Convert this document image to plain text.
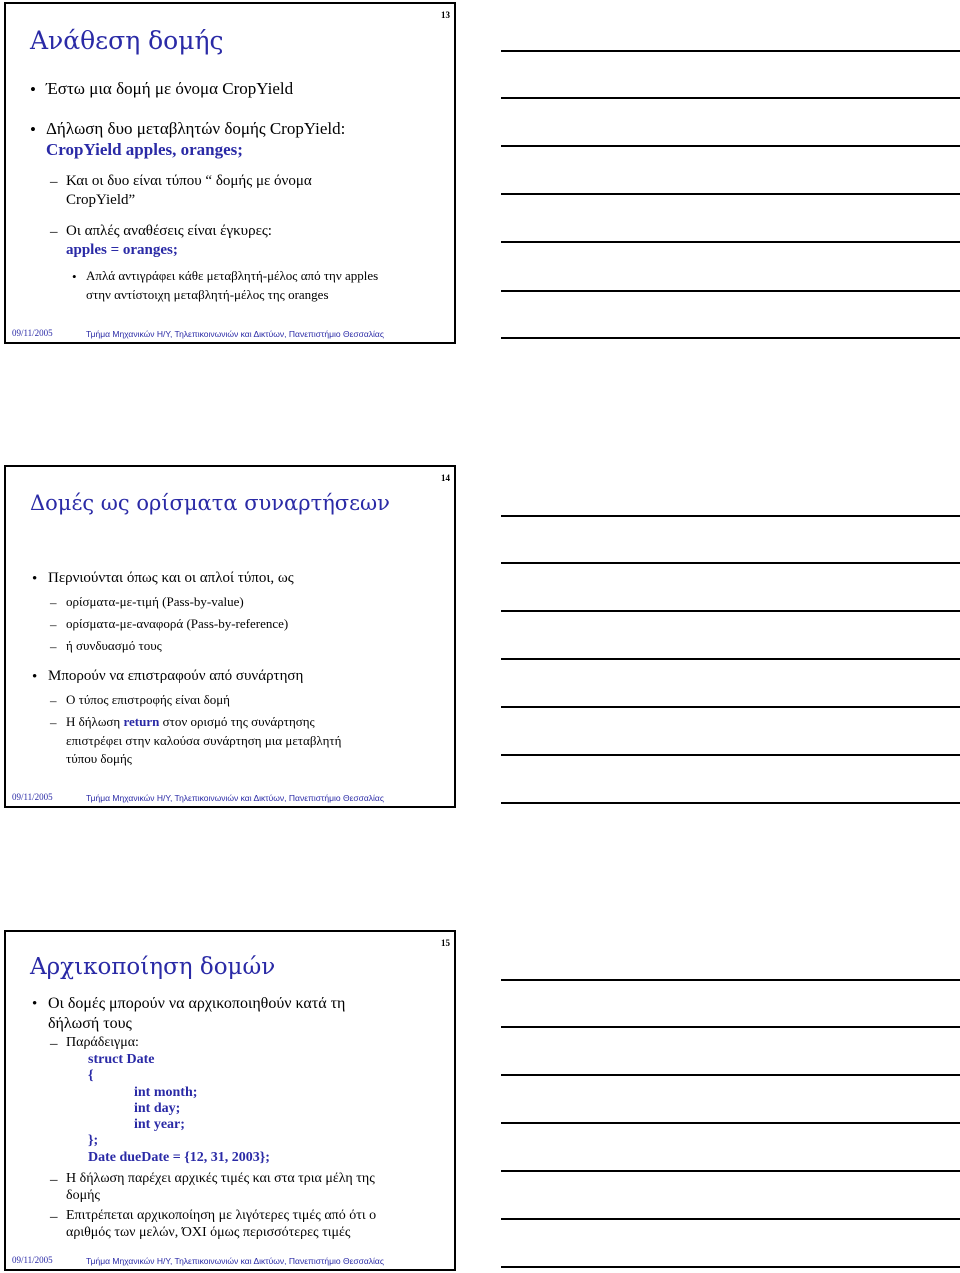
13
Ανάθεση δομής
• Έστω μια δομή με όνομα CropYield
• Δήλωση δυο μεταβλητών δομής CropYield:
CropYield apples, oranges;
– Και οι δυο είναι τύπου “ δομής με όνομα
CropYield”
– Οι απλές αναθέσεις είναι έγκυρες:
apples = oranges;
• Απλά αντιγράφει κάθε μεταβλητή-μέλος από την apples
στην αντίστοιχη μεταβλητή-μέλος της oranges
09/11/2005	Τμήμα Μηχανικών Η/Υ, Τηλεπικοινωνιών και Δικτύων, Πανεπιστήμιο Θεσσαλίας
14
Δομές ως ορίσματα συναρτήσεων
• Περνιούνται όπως και οι απλοί τύποι, ως
– ορίσματα-με-τιμή (Pass-by-value)
– ορίσματα-με-αναφορά (Pass-by-reference)
– ή συνδυασμό τους
• Μπορούν να επιστραφούν από συνάρτηση
– Ο τύπος επιστροφής είναι δομή
– Η δήλωση return στον ορισμό της συνάρτησης
επιστρέφει στην καλούσα συνάρτηση μια μεταβλητή
τύπου δομής
09/11/2005	Τμήμα Μηχανικών Η/Υ, Τηλεπικοινωνιών και Δικτύων, Πανεπιστήμιο Θεσσαλίας
15
Αρχικοποίηση δομών
• Οι δομές μπορούν να αρχικοποιηθούν κατά τη
δήλωσή τους
– Παράδειγμα:
struct Date
{
int month;
int day;
int year;
};
Date dueDate = {12, 31, 2003};
– Η δήλωση παρέχει αρχικές τιμές και στα τρια μέλη της
δομής
– Επιτρέπεται αρχικοποίηση με λιγότερες τιμές από ότι ο
αριθμός των μελών, ΌΧΙ όμως περισσότερες τιμές
09/11/2005	Τμήμα Μηχανικών Η/Υ, Τηλεπικοινωνιών και Δικτύων, Πανεπιστήμιο Θεσσαλίας
